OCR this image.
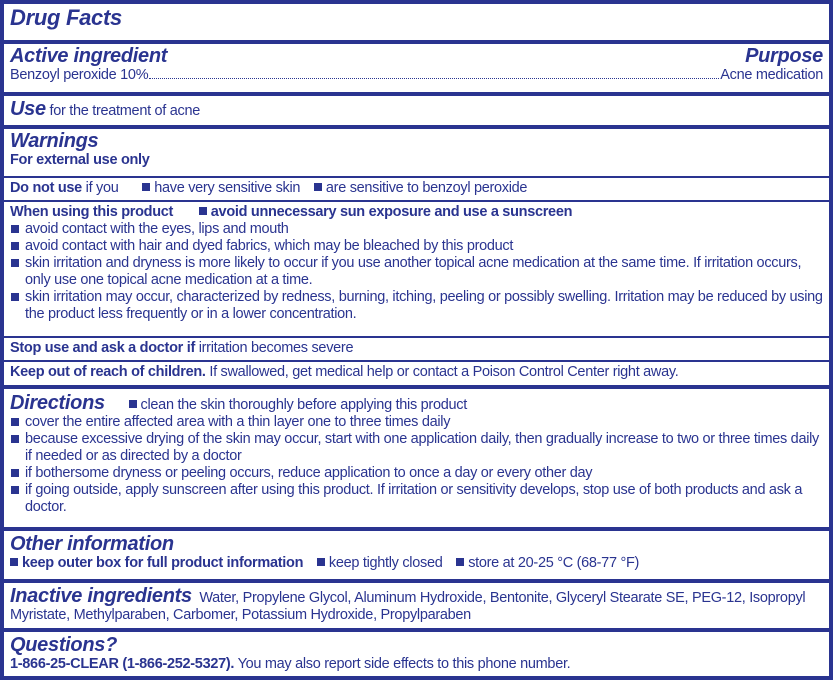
Drug Facts
Active ingredient	Purpose
Benzoyl peroxide 10%	Acne medication
Use for the treatment of acne
Warnings
For external use only
Do not use if you have very sensitive skin are sensitive to benzoyl peroxide
When using this product	avoid unnecessary sun exposure and use a sunscreen
avoid contact with the eyes, lips and mouth
avoid contact with hair and dyed fabrics, which may be bleached by this product
skin irritation and dryness is more likely to occur if you use another topical acne medication at the same time. If irritation occurs, only use one topical acne medication at a time.
skin irritation may occur, characterized by redness, burning, itching, peeling or possibly swelling. Irritation may be reduced by using the product less frequently or in a lower concentration.
Stop use and ask a doctor if irritation becomes severe
Keep out of reach of children. If swallowed, get medical help or contact a Poison Control Center right away.
Directions clean the skin thoroughly before applying this product
cover the entire affected area with a thin layer one to three times daily
because excessive drying of the skin may occur, start with one application daily, then gradually increase to two or three times daily if needed or as directed by a doctor
if bothersome dryness or peeling occurs, reduce application to once a day or every other day
if going outside, apply sunscreen after using this product. If irritation or sensitivity develops, stop use of both products and ask a doctor.
Other information
keep outer box for full product information keep tightly closed store at 20-25 °C (68-77 °F)
Inactive ingredients Water, Propylene Glycol, Aluminum Hydroxide, Bentonite, Glyceryl Stearate SE, PEG-12, Isopropyl Myristate, Methylparaben, Carbomer, Potassium Hydroxide, Propylparaben
Questions?
1-866-25-CLEAR (1-866-252-5327). You may also report side effects to this phone number.
